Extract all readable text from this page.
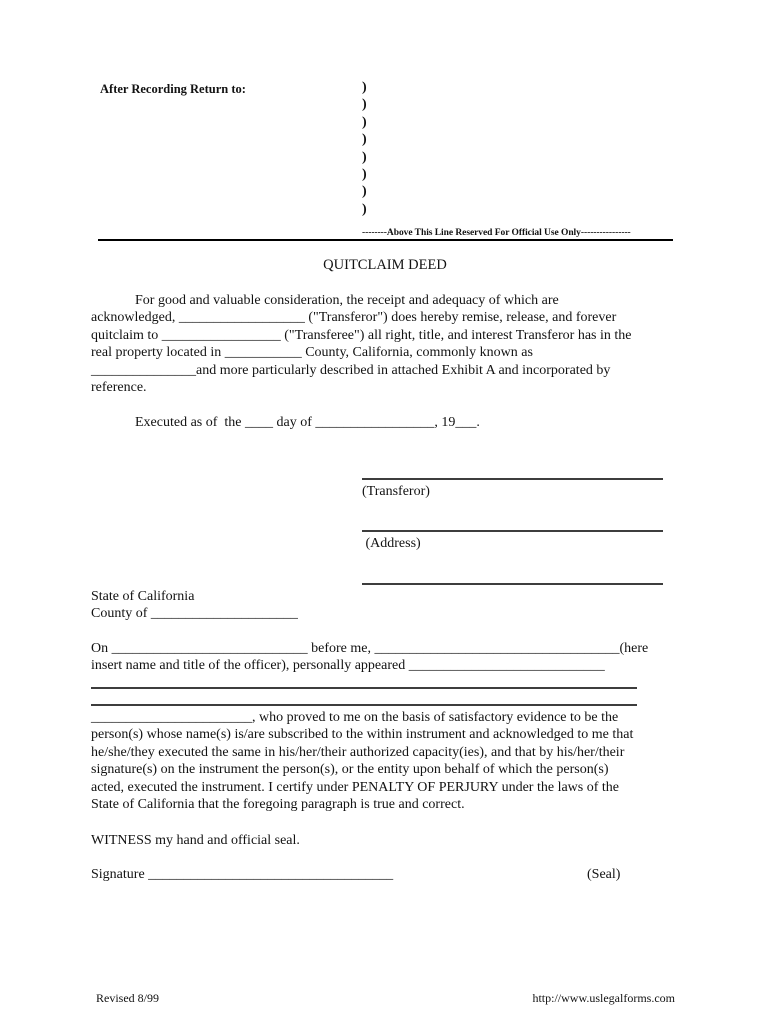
After Recording Return to:	)
)
)
)
)
)
)
)
--------Above This Line Reserved For Official Use Only----------------
QUITCLAIM DEED
For good and valuable consideration, the receipt and adequacy of which are
acknowledged, __________________ ("Transferor") does hereby remise, release, and forever
quitclaim to _________________ ("Transferee") all right, title, and interest Transferor has in the
real property located in ___________ County, California, commonly known as
_______________and more particularly described in attached Exhibit A and incorporated by
reference.
Executed as of  the ____ day of _________________, 19___.
(Transferor)
(Address)
State of California
County of _____________________
On ____________________________ before me, ___________________________________(here
insert name and title of the officer), personally appeared ____________________________
_______________________, who proved to me on the basis of satisfactory evidence to be the
person(s) whose name(s) is/are subscribed to the within instrument and acknowledged to me that
he/she/they executed the same in his/her/their authorized capacity(ies), and that by his/her/their
signature(s) on the instrument the person(s), or the entity upon behalf of which the person(s)
acted, executed the instrument. I certify under PENALTY OF PERJURY under the laws of the
State of California that the foregoing paragraph is true and correct.
WITNESS my hand and official seal.
Signature ___________________________________	(Seal)
Revised 8/99	http://www.uslegalforms.com
